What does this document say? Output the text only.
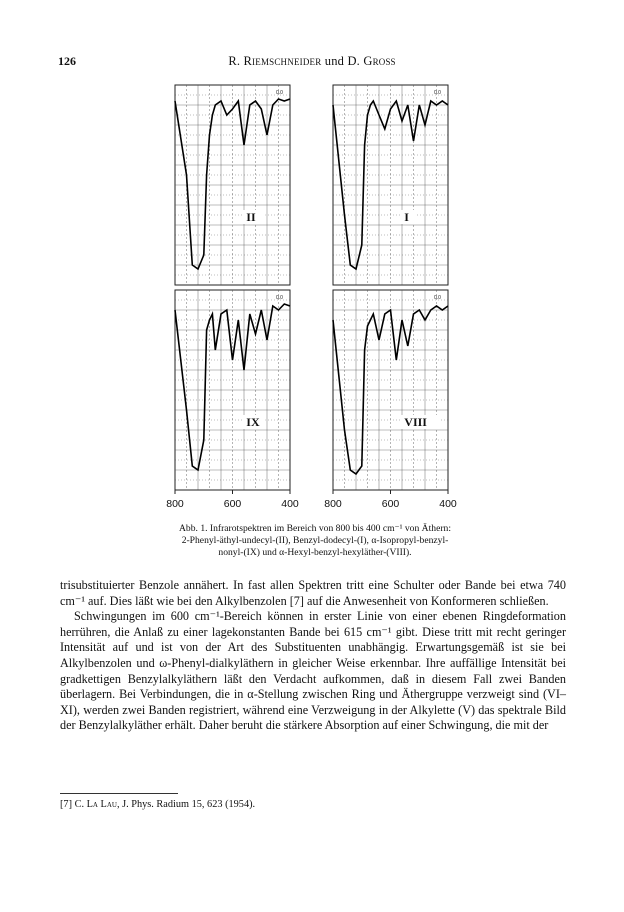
126	R. Riemschneider und D. Groß
0.0
II
0.0
I
0.0
IX
0.0
VIII
800	600	400 800	600	400
Abb. 1. Infrarotspektren im Bereich von 800 bis 400 cm⁻¹ von Äthern:
2-Phenyl-äthyl-undecyl-(II), Benzyl-dodecyl-(I), α-Isopropyl-benzyl-
nonyl-(IX) und α-Hexyl-benzyl-hexyläther-(VIII).

trisubstituierter Benzole annähert. In fast allen Spektren tritt eine Schulter oder Bande bei etwa 740 cm⁻¹ auf. Dies läßt wie bei den Alkylbenzolen [7] auf die Anwesenheit von Konformeren schließen.

Schwingungen im 600 cm⁻¹-Bereich können in erster Linie von einer ebenen Ringdeformation herrühren, die Anlaß zu einer lagekonstanten Bande bei 615 cm⁻¹ gibt. Diese tritt mit recht geringer Intensität auf und ist von der Art des Substituenten unabhängig. Erwartungsgemäß ist sie bei Alkylbenzolen und ω-Phenyl-dialkyläthern in gleicher Weise erkennbar. Ihre auffällige Intensität bei gradkettigen Benzylalkyläthern läßt den Verdacht aufkommen, daß in diesem Fall zwei Banden überlagern. Bei Verbindungen, die in α-Stellung zwischen Ring und Äthergruppe verzweigt sind (VI–XI), werden zwei Banden registriert, während eine Verzweigung in der Alkylette (V) das spektrale Bild der Benzylalkyläther erhält. Daher beruht die stärkere Absorption auf einer Schwingung, die mit der

[7] C. La Lau, J. Phys. Radium 15, 623 (1954).
